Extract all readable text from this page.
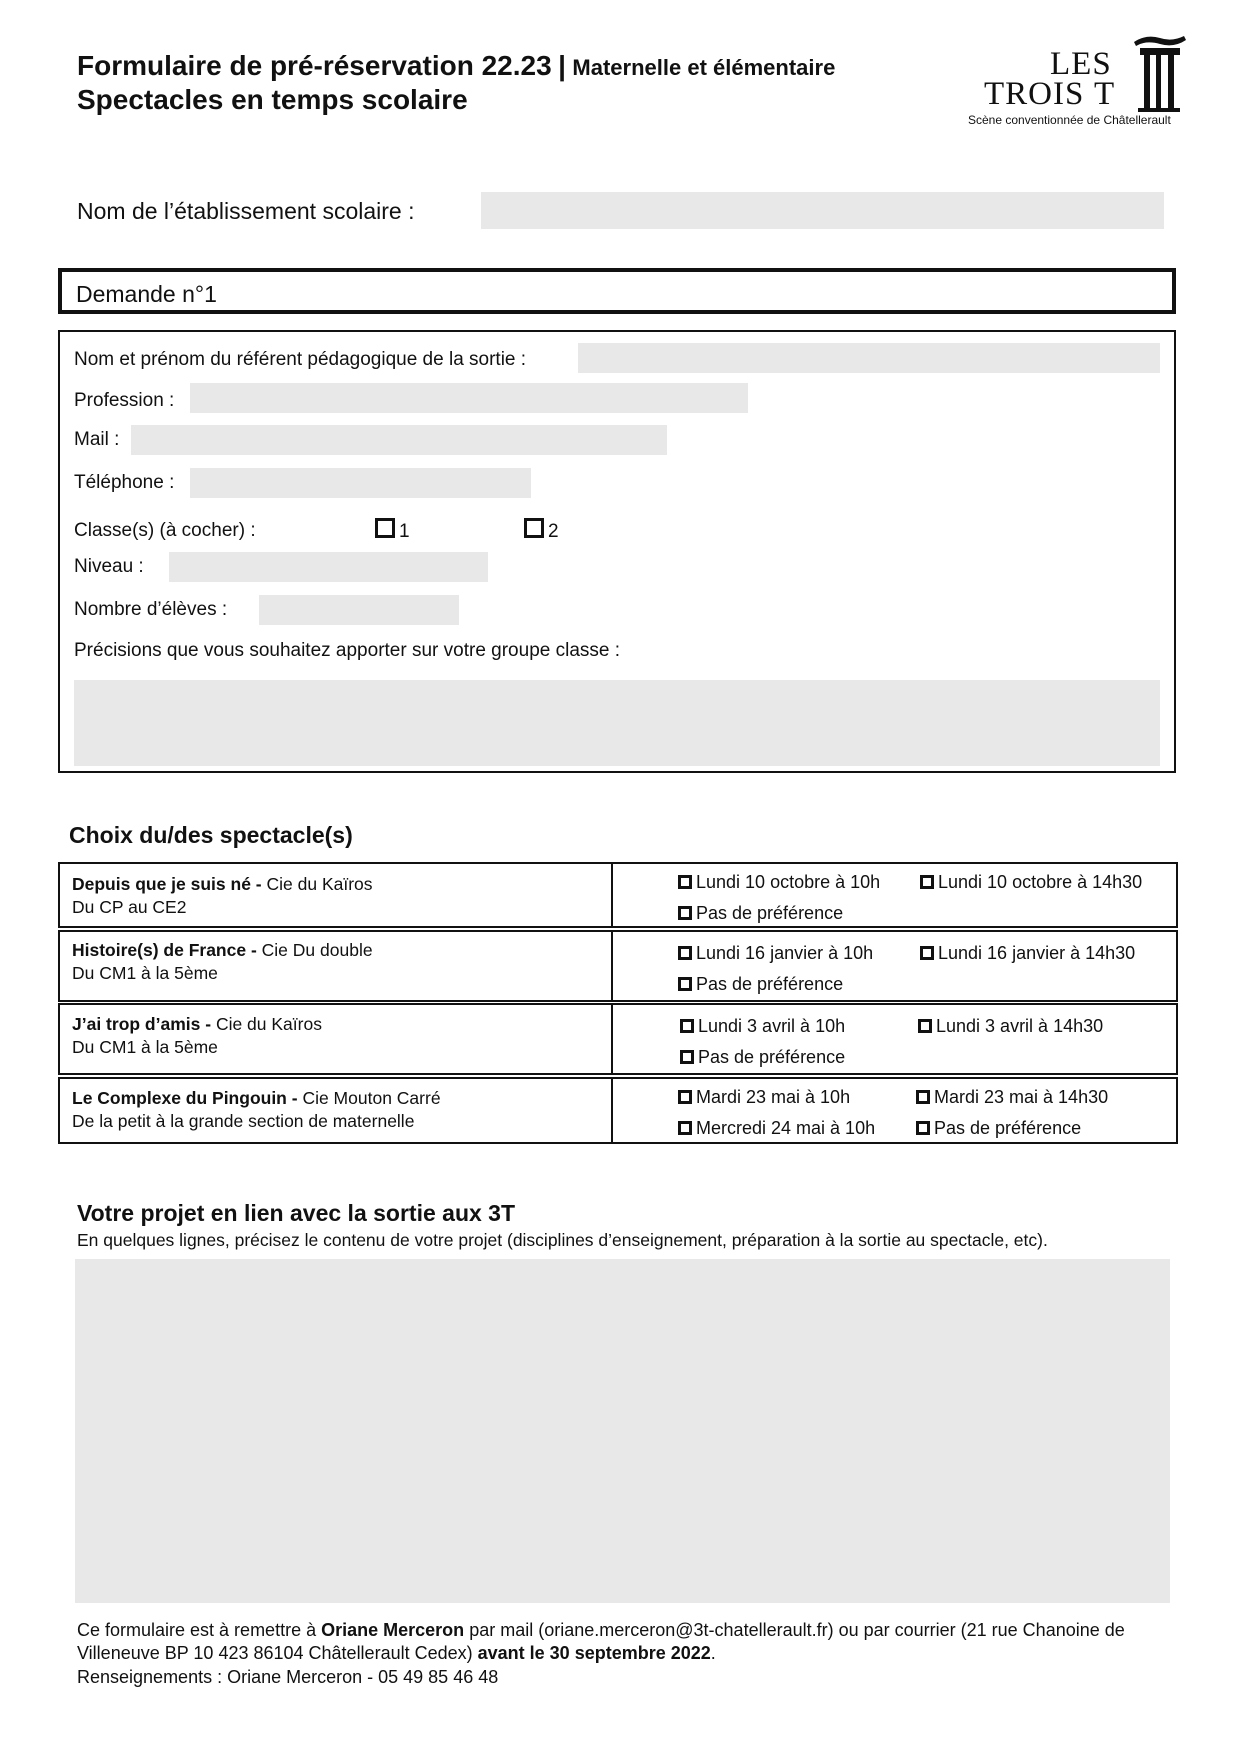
Formulaire de pré-réservation 22.23 | Maternelle et élémentaire
Spectacles en temps scolaire
LES
TROIS T
Scène conventionnée de Châtellerault
Nom de l’établissement scolaire :
Demande n°1
Nom et prénom du référent pédagogique de la sortie :
Profession :
Mail :
Téléphone :
Classe(s) (à cocher) :	1	2
Niveau :
Nombre d’élèves :
Précisions que vous souhaitez apporter sur votre groupe classe :
Choix du/des spectacle(s)
Depuis que je suis né - Cie du Kaïros
Du CP au CE2
Lundi 10 octobre à 10h	Lundi 10 octobre à 14h30
Pas de préférence
Histoire(s) de France - Cie Du double
Du CM1 à la 5ème
Lundi 16 janvier à 10h	Lundi 16 janvier à 14h30
Pas de préférence
J’ai trop d’amis - Cie du Kaïros
Du CM1 à la 5ème
Lundi 3 avril à 10h	Lundi 3 avril à 14h30
Pas de préférence
Le Complexe du Pingouin - Cie Mouton Carré
De la petit à la grande section de maternelle
Mardi 23 mai à 10h	Mardi 23 mai à 14h30
Mercredi 24 mai à 10h	Pas de préférence
Votre projet en lien avec la sortie aux 3T
En quelques lignes, précisez le contenu de votre projet (disciplines d’enseignement, préparation à la sortie au spectacle, etc).
Ce formulaire est à remettre à Oriane Merceron par mail (oriane.merceron@3t-chatellerault.fr) ou par courrier (21 rue Chanoine de Villeneuve BP 10 423 86104 Châtellerault Cedex) avant le 30 septembre 2022.
Renseignements : Oriane Merceron - 05 49 85 46 48
